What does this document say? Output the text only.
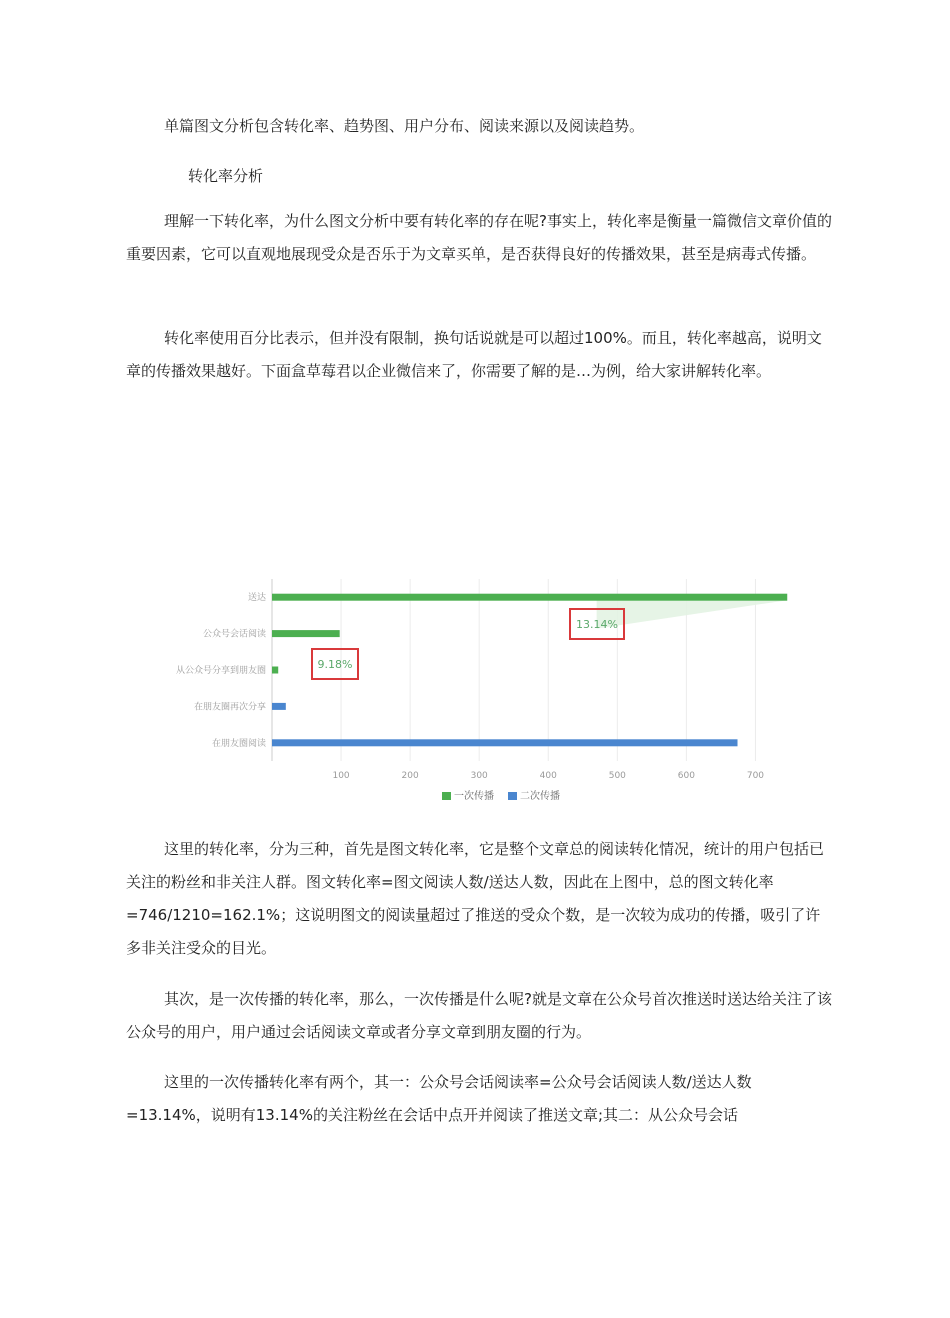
单篇图文分析包含转化率、趋势图、用户分布、阅读来源以及阅读趋势。

转化率分析

理解一下转化率，为什么图文分析中要有转化率的存在呢?事实上，转化率是衡量一篇微信文章价值的重要因素，它可以直观地展现受众是否乐于为文章买单，是否获得良好的传播效果，甚至是病毒式传播。

转化率使用百分比表示，但并没有限制，换句话说就是可以超过100%。而且，转化率越高，说明文章的传播效果越好。下面盒草莓君以企业微信来了，你需要了解的是…为例，给大家讲解转化率。

100	200	300	400	500	600	700
送达
公众号会话阅读
从公众号分享到朋友圈
在朋友圈再次分享
在朋友圈阅读
13.14%
9.18%
一次传播	二次传播

这里的转化率，分为三种，首先是图文转化率，它是整个文章总的阅读转化情况，统计的用户包括已关注的粉丝和非关注人群。图文转化率=图文阅读人数/送达人数，因此在上图中，总的图文转化率=746/1210=162.1%；这说明图文的阅读量超过了推送的受众个数，是一次较为成功的传播，吸引了许多非关注受众的目光。

其次，是一次传播的转化率，那么，一次传播是什么呢?就是文章在公众号首次推送时送达给关注了该公众号的用户，用户通过会话阅读文章或者分享文章到朋友圈的行为。

这里的一次传播转化率有两个，其一：公众号会话阅读率=公众号会话阅读人数/送达人数=13.14%，说明有13.14%的关注粉丝在会话中点开并阅读了推送文章;其二：从公众号会话
